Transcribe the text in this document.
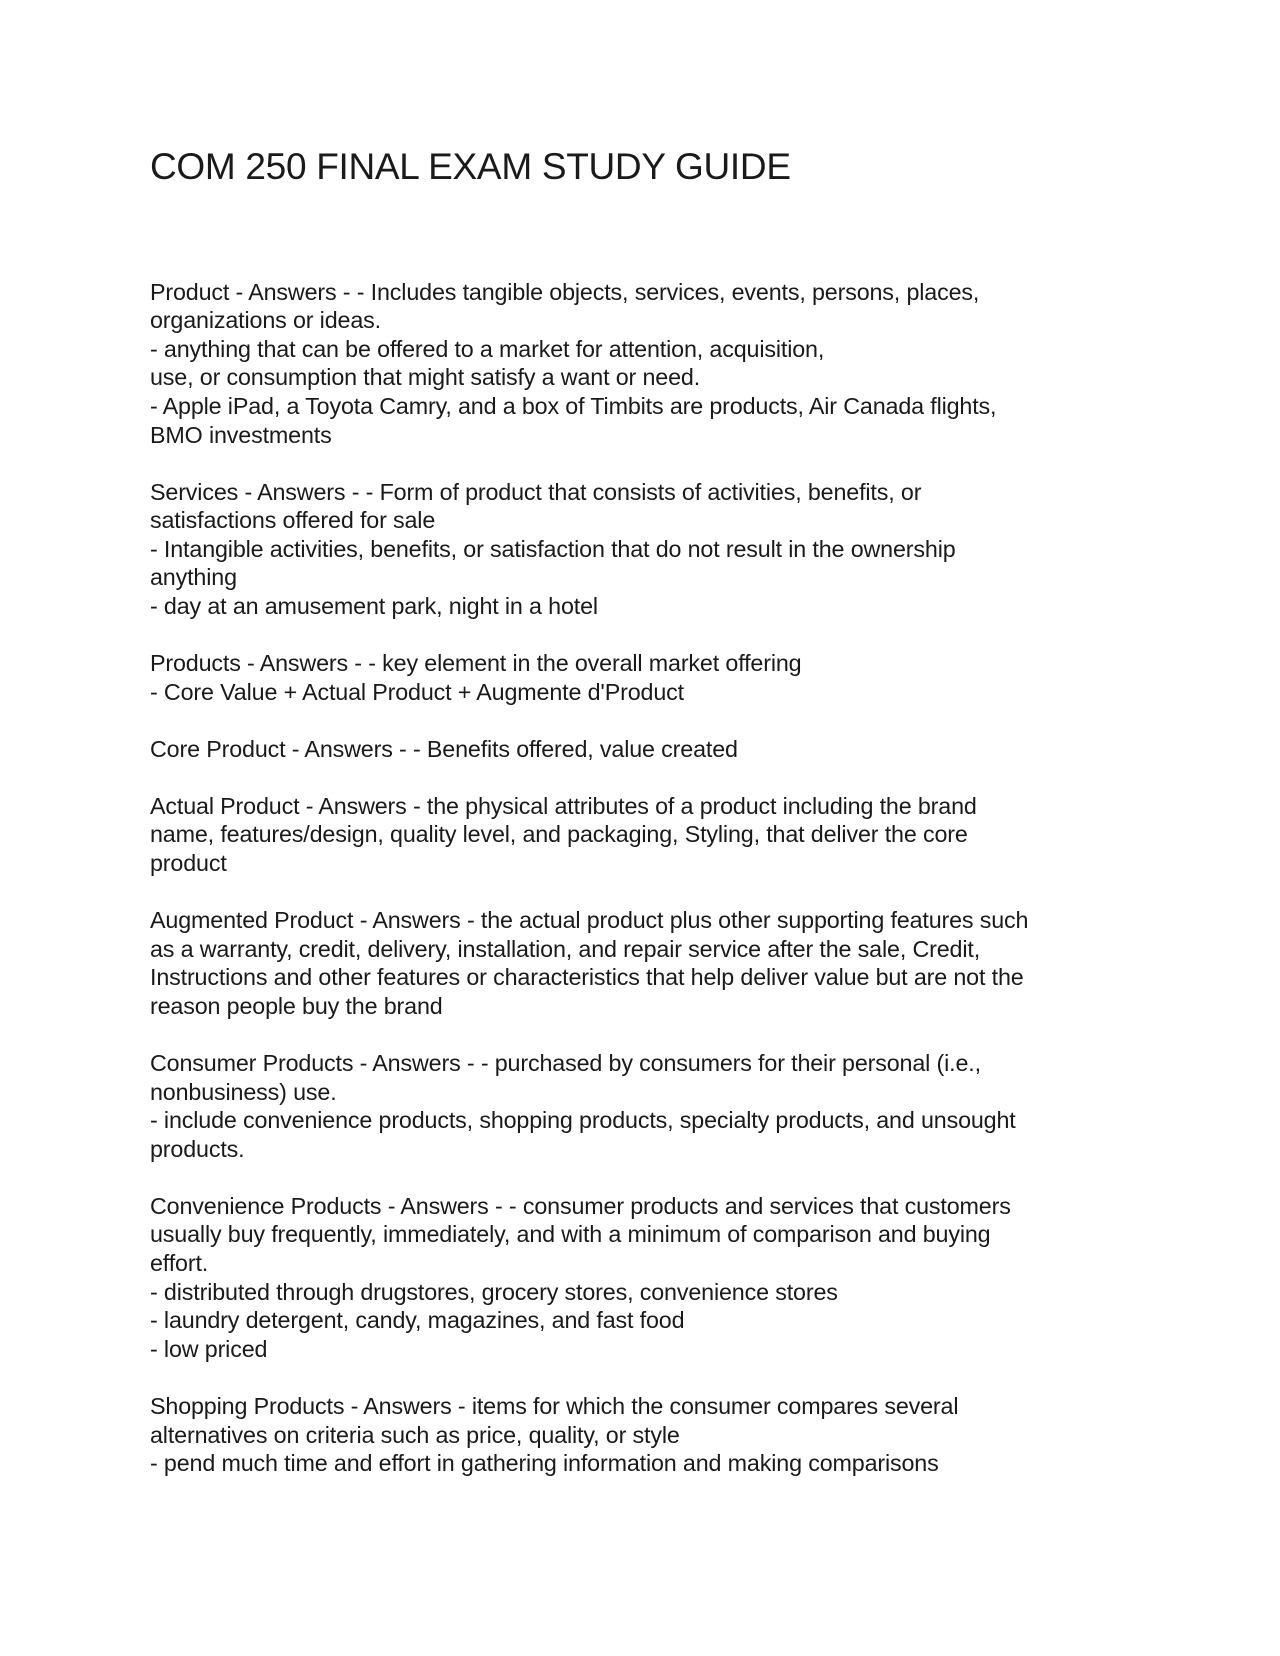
COM 250 FINAL EXAM STUDY GUIDE
Product - Answers - - Includes tangible objects, services, events, persons, places,
organizations or ideas.
- anything that can be offered to a market for attention, acquisition,
use, or consumption that might satisfy a want or need.
- Apple iPad, a Toyota Camry, and a box of Timbits are products, Air Canada flights,
BMO investments
Services - Answers - - Form of product that consists of activities, benefits, or
satisfactions offered for sale
- Intangible activities, benefits, or satisfaction that do not result in the ownership
anything
- day at an amusement park, night in a hotel
Products - Answers - - key element in the overall market offering
- Core Value + Actual Product + Augmente d'Product
Core Product - Answers - - Benefits offered, value created
Actual Product - Answers - the physical attributes of a product including the brand
name, features/design, quality level, and packaging, Styling, that deliver the core
product
Augmented Product - Answers - the actual product plus other supporting features such
as a warranty, credit, delivery, installation, and repair service after the sale, Credit,
Instructions and other features or characteristics that help deliver value but are not the
reason people buy the brand
Consumer Products - Answers - - purchased by consumers for their personal (i.e.,
nonbusiness) use.
- include convenience products, shopping products, specialty products, and unsought
products.
Convenience Products - Answers - - consumer products and services that customers
usually buy frequently, immediately, and with a minimum of comparison and buying
effort.
- distributed through drugstores, grocery stores, convenience stores
- laundry detergent, candy, magazines, and fast food
- low priced
Shopping Products - Answers - items for which the consumer compares several
alternatives on criteria such as price, quality, or style
- pend much time and effort in gathering information and making comparisons
